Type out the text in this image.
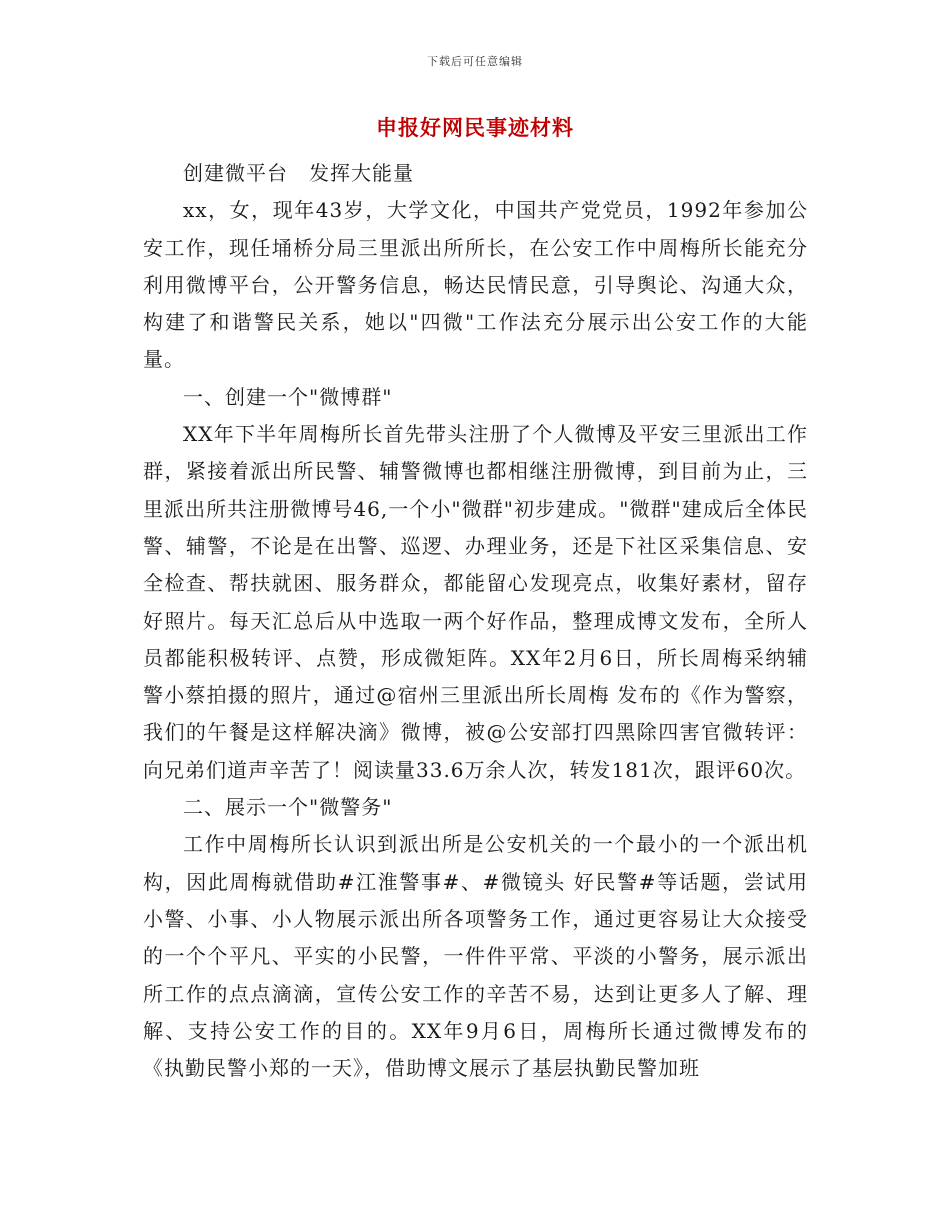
下载后可任意编辑
申报好网民事迹材料

创建微平台　发挥大能量

xx，女，现年43岁，大学文化，中国共产党党员，1992年参加公安工作，现任埇桥分局三里派出所所长，在公安工作中周梅所长能充分利用微博平台，公开警务信息，畅达民情民意，引导舆论、沟通大众，构建了和谐警民关系，她以"四微"工作法充分展示出公安工作的大能量。

一、创建一个"微博群"

XX年下半年周梅所长首先带头注册了个人微博及平安三里派出工作群，紧接着派出所民警、辅警微博也都相继注册微博，到目前为止，三里派出所共注册微博号46,一个小"微群"初步建成。"微群"建成后全体民警、辅警，不论是在出警、巡逻、办理业务，还是下社区采集信息、安全检查、帮扶就困、服务群众，都能留心发现亮点，收集好素材，留存好照片。每天汇总后从中选取一两个好作品，整理成博文发布，全所人员都能积极转评、点赞，形成微矩阵。XX年2月6日，所长周梅采纳辅警小蔡拍摄的照片，通过@宿州三里派出所长周梅 发布的《作为警察，我们的午餐是这样解决滴》微博，被@公安部打四黑除四害官微转评：向兄弟们道声辛苦了！阅读量33.6万余人次，转发181次，跟评60次。

二、展示一个"微警务"

工作中周梅所长认识到派出所是公安机关的一个最小的一个派出机构，因此周梅就借助#江淮警事#、#微镜头 好民警#等话题，尝试用小警、小事、小人物展示派出所各项警务工作，通过更容易让大众接受的一个个平凡、平实的小民警，一件件平常、平淡的小警务，展示派出所工作的点点滴滴，宣传公安工作的辛苦不易，达到让更多人了解、理解、支持公安工作的目的。XX年9月6日，周梅所长通过微博发布的《执勤民警小郑的一天》，借助博文展示了基层执勤民警加班
